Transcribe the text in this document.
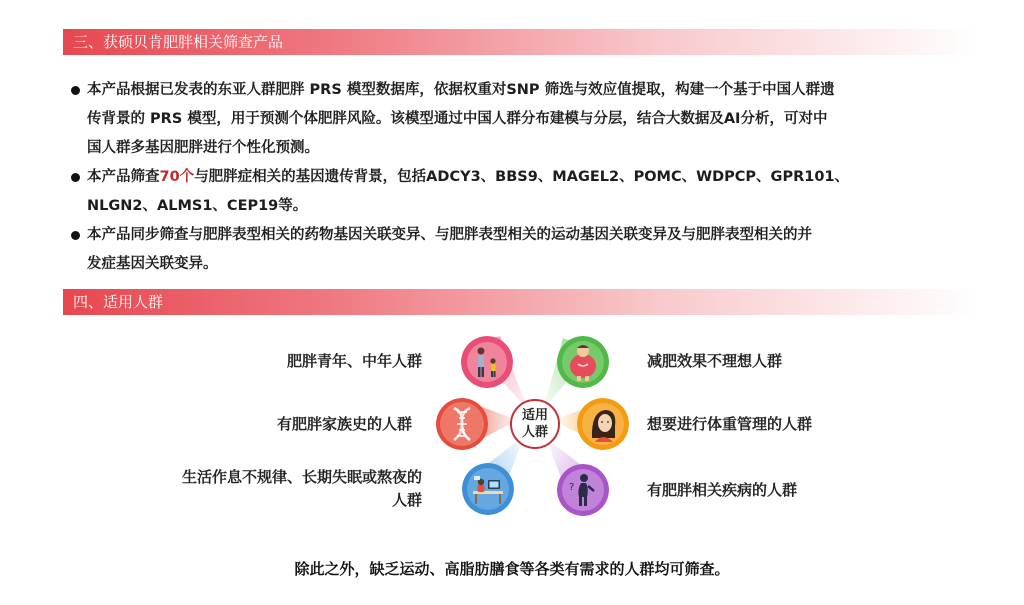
三、获硕贝肯肥胖相关筛查产品
本产品根据已发表的东亚人群肥胖 PRS 模型数据库，依据权重对SNP 筛选与效应值提取，构建一个基于中国人群遗
传背景的 PRS 模型，用于预测个体肥胖风险。该模型通过中国人群分布建模与分层，结合大数据及AI分析，可对中
国人群多基因肥胖进行个性化预测。
本产品筛查70个与肥胖症相关的基因遗传背景，包括ADCY3、BBS9、MAGEL2、POMC、WDPCP、GPR101、
NLGN2、ALMS1、CEP19等。
本产品同步筛查与肥胖表型相关的药物基因关联变异、与肥胖表型相关的运动基因关联变异及与肥胖表型相关的并
发症基因关联变异。
四、适用人群
?
适用
人群
肥胖青年、中年人群
有肥胖家族史的人群
生活作息不规律、长期失眠或熬夜的
人群
减肥效果不理想人群
想要进行体重管理的人群
有肥胖相关疾病的人群
除此之外，缺乏运动、高脂肪膳食等各类有需求的人群均可筛查。
